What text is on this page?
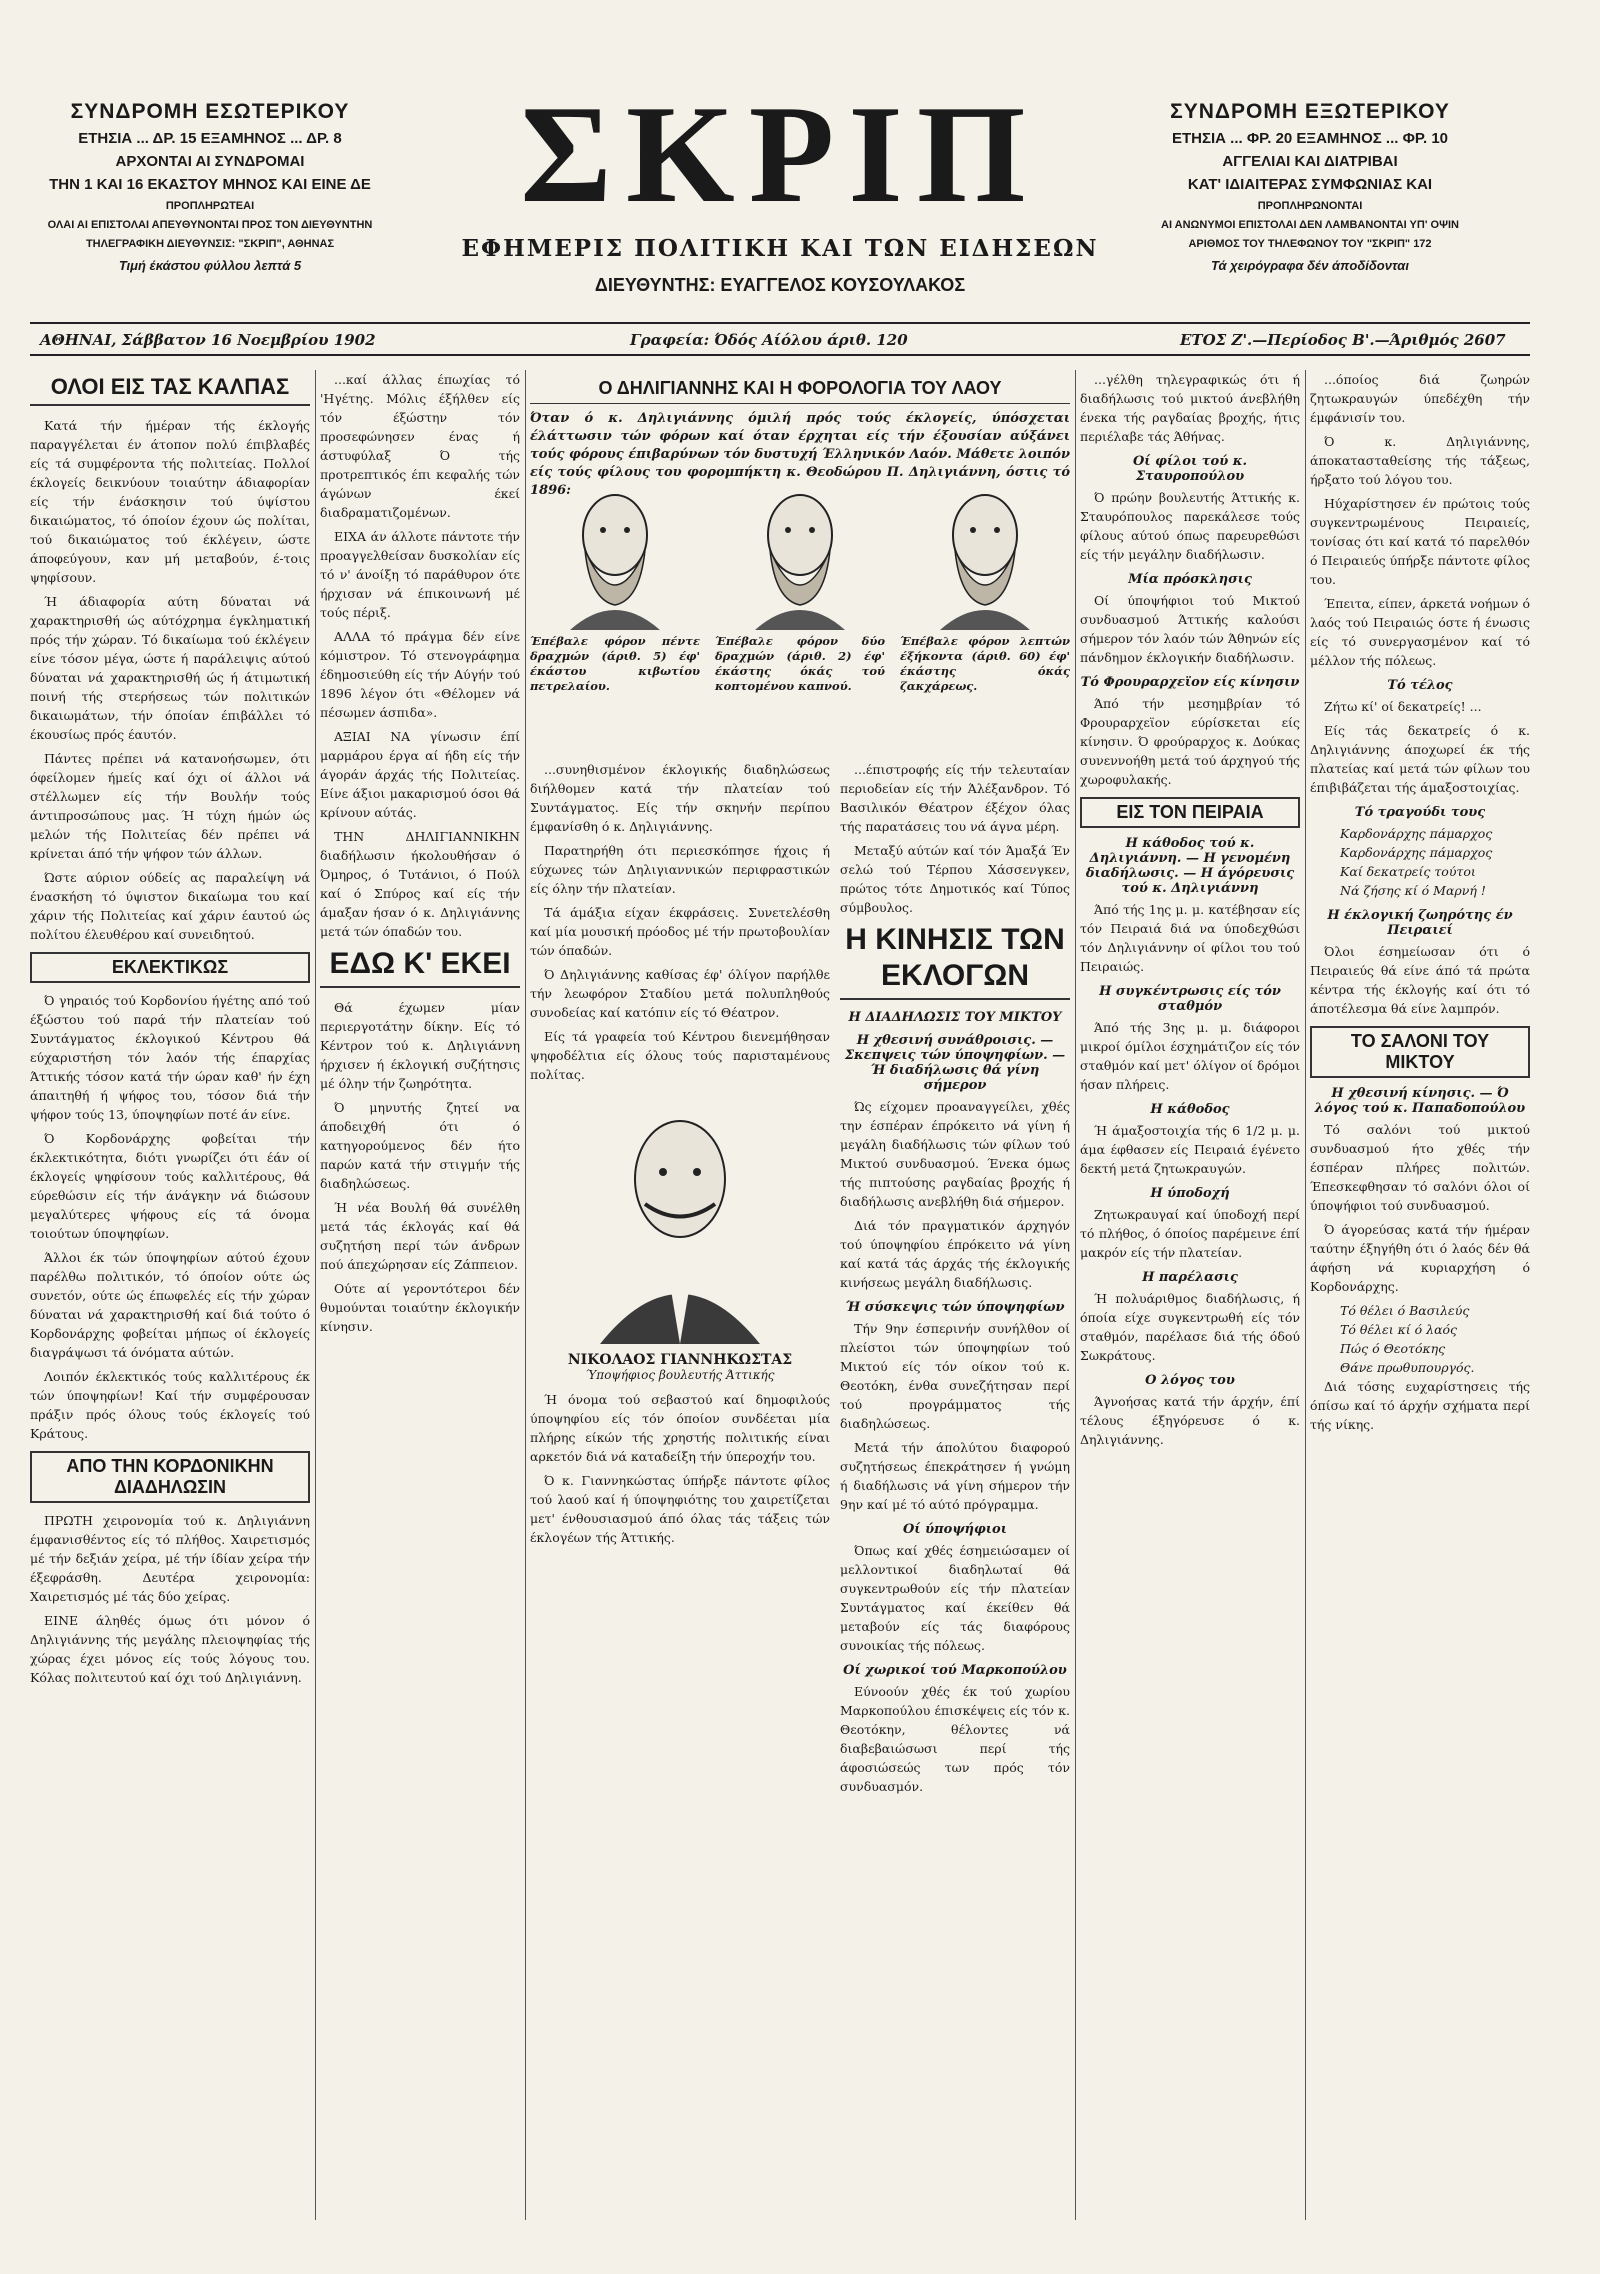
ΣΥΝΔΡΟΜΗ ΕΣΩΤΕΡΙΚΟΥ
ΕΤΗΣΙΑ ... ΔΡ. 15 ΕΞΑΜΗΝΟΣ ... ΔΡ. 8
ΑΡΧΟΝΤΑΙ ΑΙ ΣΥΝΔΡΟΜΑΙ
ΤΗΝ 1 ΚΑΙ 16 ΕΚΑΣΤΟΥ ΜΗΝΟΣ ΚΑΙ ΕΙΝΕ ΔΕ
ΠΡΟΠΛΗΡΩΤΕΑΙ
ΟΛΑΙ ΑΙ ΕΠΙΣΤΟΛΑΙ ΑΠΕΥΘΥΝΟΝΤΑΙ ΠΡΟΣ ΤΟΝ ΔΙΕΥΘΥΝΤΗΝ
ΤΗΛΕΓΡΑΦΙΚΗ ΔΙΕΥΘΥΝΣΙΣ: "ΣΚΡΙΠ", ΑΘΗΝΑΣ
Τιμή έκάστου φύλλου λεπτά 5
ΣΚΡΙΠ
ΕΦΗΜΕΡΙΣ ΠΟΛΙΤΙΚΗ ΚΑΙ ΤΩΝ ΕΙΔΗΣΕΩΝ
ΔΙΕΥΘΥΝΤΗΣ: ΕΥΑΓΓΕΛΟΣ ΚΟΥΣΟΥΛΑΚΟΣ
ΣΥΝΔΡΟΜΗ ΕΞΩΤΕΡΙΚΟΥ
ΕΤΗΣΙΑ ... ΦΡ. 20 ΕΞΑΜΗΝΟΣ ... ΦΡ. 10
ΑΓΓΕΛΙΑΙ ΚΑΙ ΔΙΑΤΡΙΒΑΙ
ΚΑΤ' ΙΔΙΑΙΤΕΡΑΣ ΣΥΜΦΩΝΙΑΣ ΚΑΙ
ΠΡΟΠΛΗΡΩΝΟΝΤΑΙ
ΑΙ ΑΝΩΝΥΜΟΙ ΕΠΙΣΤΟΛΑΙ ΔΕΝ ΛΑΜΒΑΝΟΝΤΑΙ ΥΠ' ΟΨΙΝ
ΑΡΙΘΜΟΣ ΤΟΥ ΤΗΛΕΦΩΝΟΥ ΤΟΥ "ΣΚΡΙΠ" 172
Τά χειρόγραφα δέν άποδίδονται
ΑΘΗΝΑΙ, Σάββατον 16 Νοεμβρίου 1902	Γραφεία: Όδός Αίόλου άριθ. 120	ΕΤΟΣ Ζ'.—Περίοδος Β'.—Άριθμός 2607
ΟΛΟΙ ΕΙΣ ΤΑΣ ΚΑΛΠΑΣ

Κατά τήν ήμέραν τής έκλογής παραγγέλεται έν άτοπον πολύ έπιβλαβές είς τά συμφέροντα τής πολιτείας. Πολλοί έκλογείς δεικνύουν τοιαύτην άδιαφορίαν είς τήν ένάσκησιν τού ύψίστου δικαιώματος, τό όποίον έχουν ώς πολίται, τού δικαιώματος τού έκλέγειν, ώστε άποφεύγουν, καν μή μεταβούν, έ-τοις ψηφίσουν.

Ή άδιαφορία αύτη δύναται νά χαρακτηρισθή ώς αύτόχρημα έγκληματική πρός τήν χώραν. Τό δικαίωμα τού έκλέγειν είνε τόσον μέγα, ώστε ή παράλειψις αύτού δύναται νά χαρακτηρισθή ώς ή άτιμωτική ποινή τής στερήσεως τών πολιτικών δικαιωμάτων, τήν όποίαν έπιβάλλει τό έκουσίως πρός έαυτόν.

Πάντες πρέπει νά κατανοήσωμεν, ότι όφείλομεν ήμείς καί όχι οί άλλοι νά στέλλωμεν είς τήν Βουλήν τούς άντιπροσώπους μας. Ή τύχη ήμών ώς μελών τής Πολιτείας δέν πρέπει νά κρίνεται άπό τήν ψήφον τών άλλων.

Ώστε αύριον ούδείς ας παραλείψη νά ένασκήση τό ύψιστον δικαίωμα του καί χάριν τής Πολιτείας καί χάριν έαυτού ώς πολίτου έλευθέρου καί συνειδητού.

ΕΚΛΕΚΤΙΚΩΣ

Ό γηραιός τού Κορδονίου ήγέτης από τού έξώστου τού παρά τήν πλατείαν τού Συντάγματος έκλογικού Κέντρου θά εύχαριστήση τόν λαόν τής έπαρχίας Άττικής τόσον κατά τήν ώραν καθ' ήν έχη άπαιτηθή ή ψήφος του, τόσον διά τήν ψήφον τούς 13, ύποψηφίων ποτέ άν είνε.

Ό Κορδονάρχης φοβείται τήν έκλεκτικότητα, διότι γνωρίζει ότι έάν οί έκλογείς ψηφίσουν τούς καλλιτέρους, θά εύρεθώσιν είς τήν άνάγκην νά διώσουν μεγαλύτερες ψήφους είς τά όνομα τοιούτων ύποψηφίων.

Άλλοι έκ τών ύποψηφίων αύτού έχουν παρέλθω πολιτικόν, τό όποίον ούτε ώς συνετόν, ούτε ώς έπωφελές είς τήν χώραν δύναται νά χαρακτηρισθή καί διά τούτο ό Κορδονάρχης φοβείται μήπως οί έκλογείς διαγράψωσι τά όνόματα αύτών.

Λοιπόν έκλεκτικός τούς καλλιτέρους έκ τών ύποψηφίων! Καί τήν συμφέρουσαν πράξιν πρός όλους τούς έκλογείς τού Κράτους.

ΑΠΟ ΤΗΝ ΚΟΡΔΟΝΙΚΗΝ ΔΙΑΔΗΛΩΣΙΝ

ΠΡΩΤΗ χειρονομία τού κ. Δηλιγιάννη έμφανισθέντος είς τό πλήθος. Χαιρετισμός μέ τήν δεξιάν χείρα, μέ τήν ίδίαν χείρα τήν έξεφράσθη. Δευτέρα χειρονομία: Χαιρετισμός μέ τάς δύο χείρας.

ΕΙΝΕ άληθές όμως ότι μόνον ό Δηλιγιάννης τής μεγάλης πλειοψηφίας τής χώρας έχει μόνος είς τούς λόγους του. Κόλας πολιτευτού καί όχι τού Δηλιγιάννη.

...καί άλλας έπωχίας τό 'Ηγέτης. Μόλις έξήλθεν είς τόν έξώστην τόν προσεφώνησεν ένας ή άστυφύλαξ Ό τής προτρεπτικός έπι κεφαλής τών άγώνων έκεί διαδραματιζομένων.

ΕΙΧΑ άν άλλοτε πάντοτε τήν προαγγελθείσαν δυσκολίαν είς τό ν' άνοίξη τό παράθυρον ότε ήρχισαν νά έπικοινωνή μέ τούς πέριξ.

ΑΛΛΑ τό πράγμα δέν είνε κόμιστρον. Τό στενογράφημα έδημοσιεύθη είς τήν Αύγήν τού 1896 λέγον ότι «Θέλομεν νά πέσωμεν άσπιδα».

ΑΞΙΑΙ ΝΑ γίνωσιν έπί μαρμάρου έργα αί ήδη είς τήν άγοράν άρχάς τής Πολιτείας. Είνε άξιοι μακαρισμού όσοι θά κρίνουν αύτάς.

ΤΗΝ ΔΗΛΙΓΙΑΝΝΙΚΗΝ διαδήλωσιν ήκολουθήσαν ό Όμηρος, ό Τυτάνιοι, ό Πούλ καί ό Σπύρος καί είς τήν άμαξαν ήσαν ό κ. Δηλιγιάννης μετά τών όπαδών του.

ΕΔΩ Κ' ΕΚΕΙ

Θά έχωμεν μίαν περιεργοτάτην δίκην. Είς τό Κέντρον τού κ. Δηλιγιάννη ήρχισεν ή έκλογική συζήτησις μέ όλην τήν ζωηρότητα.

Ό μηνυτής ζητεί να άποδειχθή ότι ό κατηγορούμενος δέν ήτο παρών κατά τήν στιγμήν τής διαδηλώσεως.

Ή νέα Βουλή θά συνέλθη μετά τάς έκλογάς καί θά συζητήση περί τών άνδρων πού άπεχώρησαν είς Ζάππειον.

Ούτε αί γεροντότεροι δέν θυμούνται τοιαύτην έκλογικήν κίνησιν.

Ο ΔΗΛΙΓΙΑΝΝΗΣ ΚΑΙ Η ΦΟΡΟΛΟΓΙΑ ΤΟΥ ΛΑΟΥ
Όταν ό κ. Δηλιγιάννης όμιλή πρός τούς έκλογείς, ύπόσχεται έλάττωσιν τών φόρων καί όταν έρχηται είς τήν έξουσίαν αύξάνει τούς φόρους έπιβαρύνων τόν δυστυχή Έλληνικόν Λαόν. Μάθετε λοιπόν είς τούς φίλους του φορομπήκτη κ. Θεοδώρου Π. Δηλιγιάννη, όστις τό 1896:
Έπέβαλε φόρον πέντε δραχμών (άριθ. 5) έφ' έκάστου κιβωτίου πετρελαίου.
Έπέβαλε φόρον δύο δραχμών (άριθ. 2) έφ' έκάστης όκάς τού κοπτομένου καπνού.
Έπέβαλε φόρον λεπτών έξήκοντα (άριθ. 60) έφ' έκάστης όκάς ζακχάρεως.

...συνηθισμένον έκλογικής διαδηλώσεως διήλθομεν κατά τήν πλατείαν τού Συντάγματος. Είς τήν σκηνήν περίπου έμφανίσθη ό κ. Δηλιγιάννης.

Παρατηρήθη ότι περιεσκόπησε ήχοις ή εύχωνες τών Δηλιγιαννικών περιφραστικών είς όλην τήν πλατείαν.

Τά άμάξια είχαν έκφράσεις. Συνετελέσθη καί μία μουσική πρόοδος μέ τήν πρωτοβουλίαν τών όπαδών.

Ό Δηλιγιάννης καθίσας έφ' όλίγον παρήλθε τήν λεωφόρον Σταδίου μετά πολυπληθούς συνοδείας καί κατόπιν είς τό Θέατρον.

Είς τά γραφεία τού Κέντρου διενεμήθησαν ψηφοδέλτια είς όλους τούς παρισταμένους πολίτας.

ΝΙΚΟΛΑΟΣ ΓΙΑΝΝΗΚΩΣΤΑΣ
Ύποψήφιος βουλευτής Άττικής

Ή όνομα τού σεβαστού καί δημοφιλούς ύποψηφίου είς τόν όποίον συνδέεται μία πλήρης είκών τής χρηστής πολιτικής είναι αρκετόν διά νά καταδείξη τήν ύπεροχήν του.

Ό κ. Γιαννηκώστας ύπήρξε πάντοτε φίλος τού λαού καί ή ύποψηφιότης του χαιρετίζεται μετ' ένθουσιασμού άπό όλας τάς τάξεις τών έκλογέων τής Άττικής.

...έπιστροφής είς τήν τελευταίαν περιοδείαν είς τήν Άλέξανδρον. Τό Βασιλικόν Θέατρον έξέχον όλας τής παρατάσεις του νά άγνα μέρη.

Μεταξύ αύτών καί τόν Άμαξά Έν σελώ τού Τέρπου Χάσσενγκεν, πρώτος τότε Δημοτικός καί Τύπος σύμβουλος.

Η ΚΙΝΗΣΙΣ ΤΩΝ ΕΚΛΟΓΩΝ
Η ΔΙΑΔΗΛΩΣΙΣ ΤΟΥ ΜΙΚΤΟΥ
Η χθεσινή συνάθροισις. — Σκεπψεις τών ύποψηφίων. — Ή διαδήλωσις θά γίνη σήμερον

Ώς είχομεν προαναγγείλει, χθές την έσπέραν έπρόκειτο νά γίνη ή μεγάλη διαδήλωσις τών φίλων τού Μικτού συνδυασμού. Ένεκα όμως τής πιπτούσης ραγδαίας βροχής ή διαδήλωσις ανεβλήθη διά σήμερον.

Διά τόν πραγματικόν άρχηγόν τού ύποψηφίου έπρόκειτο νά γίνη καί κατά τάς άρχάς τής έκλογικής κινήσεως μεγάλη διαδήλωσις.

Ή σύσκεψις τών ύποψηφίων

Τήν 9ην έσπερινήν συνήλθον οί πλείστοι τών ύποψηφίων τού Μικτού είς τόν οίκον τού κ. Θεοτόκη, ένθα συνεζήτησαν περί τού προγράμματος τής διαδηλώσεως.

Μετά τήν άπολύτου διαφορού συζητήσεως έπεκράτησεν ή γνώμη ή διαδήλωσις νά γίνη σήμερον τήν 9ην καί μέ τό αύτό πρόγραμμα.

Οί ύποψήφιοι

Όπως καί χθές έσημειώσαμεν οί μελλοντικοί διαδηλωταί θά συγκεντρωθούν είς τήν πλατείαν Συντάγματος καί έκείθεν θά μεταβούν είς τάς διαφόρους συνοικίας τής πόλεως.

Οί χωρικοί τού Μαρκοπούλου

Εύνοούν χθές έκ τού χωρίου Μαρκοπούλου έπισκέψεις είς τόν κ. Θεοτόκην, θέλοντες νά διαβεβαιώσωσι περί τής άφοσιώσεώς των πρός τόν συνδυασμόν.

...γέλθη τηλεγραφικώς ότι ή διαδήλωσις τού μικτού άνεβλήθη ένεκα τής ραγδαίας βροχής, ήτις περιέλαβε τάς Άθήνας.

Οί φίλοι τού κ. Σταυροπούλου

Ό πρώην βουλευτής Άττικής κ. Σταυρόπουλος παρεκάλεσε τούς φίλους αύτού όπως παρευρεθώσι είς τήν μεγάλην διαδήλωσιν.

Μία πρόσκλησις

Οί ύποψήφιοι τού Μικτού συνδυασμού Άττικής καλούσι σήμερον τόν λαόν τών Άθηνών είς πάνδημον έκλογικήν διαδήλωσιν.

Τό Φρουραρχεϊον είς κίνησιν

Άπό τήν μεσημβρίαν τό Φρουραρχεϊον εύρίσκεται είς κίνησιν. Ό φρούραρχος κ. Δούκας συνεννοήθη μετά τού άρχηγού τής χωροφυλακής.

ΕΙΣ ΤΟΝ ΠΕΙΡΑΙΑ
Η κάθοδος τού κ. Δηλιγιάννη. — Η γενομένη διαδήλωσις. — Η άγόρευσις τού κ. Δηλιγιάννη

Άπό τής 1ης μ. μ. κατέβησαν είς τόν Πειραιά διά να ύποδεχθώσι τόν Δηλιγιάννην οί φίλοι του τού Πειραιώς.

Η συγκέντρωσις είς τόν σταθμόν

Άπό τής 3ης μ. μ. διάφοροι μικροί όμίλοι έσχημάτιζον είς τόν σταθμόν καί μετ' όλίγον οί δρόμοι ήσαν πλήρεις.

Η κάθοδος

Ή άμαξοστοιχία τής 6 1/2 μ. μ. άμα έφθασεν είς Πειραιά έγένετο δεκτή μετά ζητωκραυγών.

Η ύποδοχή

Ζητωκραυγαί καί ύποδοχή περί τό πλήθος, ό όποίος παρέμεινε έπί μακρόν είς τήν πλατείαν.

Η παρέλασις

Ή πολυάριθμος διαδήλωσις, ή όποία είχε συγκεντρωθή είς τόν σταθμόν, παρέλασε διά τής όδού Σωκράτους.

Ο λόγος του

Άγνοήσας κατά τήν άρχήν, έπί τέλους έξηγόρευσε ό κ. Δηλιγιάννης.

...όποίος διά ζωηρών ζητωκραυγών ύπεδέχθη τήν έμφάνισίν του.

Ό κ. Δηλιγιάννης, άποκατασταθείσης τής τάξεως, ήρξατο τού λόγου του.

Ηύχαρίστησεν έν πρώτοις τούς συγκεντρωμένους Πειραιείς, τονίσας ότι καί κατά τό παρελθόν ό Πειραιεύς ύπήρξε πάντοτε φίλος του.

Έπειτα, είπεν, άρκετά νοήμων ό λαός τού Πειραιώς όστε ή ένωσις είς τό συνεργασμένον καί τό μέλλον τής πόλεως.

Τό τέλος

Ζήτω κί' οί δεκατρείς! ...

Είς τάς δεκατρείς ό κ. Δηλιγιάννης άποχωρεί έκ τής πλατείας καί μετά τών φίλων του έπιβιβάζεται τής άμαξοστοιχίας.

Τό τραγούδι τους
Καρδονάρχης πάμαρχος
Καρδονάρχης πάμαρχος
Καί δεκατρείς τούτοι
Νά ζήσης κί ό Μαρνή !
Η έκλογική ζωηρότης έν Πειραιεί

Όλοι έσημείωσαν ότι ό Πειραιεύς θά είνε άπό τά πρώτα κέντρα τής έκλογής καί ότι τό άποτέλεσμα θά είνε λαμπρόν.

ΤΟ ΣΑΛΟΝΙ ΤΟΥ ΜΙΚΤΟΥ
Η χθεσινή κίνησις. — Ό λόγος τού κ. Παπαδοπούλου

Τό σαλόνι τού μικτού συνδυασμού ήτο χθές τήν έσπέραν πλήρες πολιτών. Έπεσκεφθησαν τό σαλόνι όλοι οί ύποψήφιοι τού συνδυασμού.

Ό άγορεύσας κατά τήν ήμέραν ταύτην έξηγήθη ότι ό λαός δέν θά άφήση νά κυριαρχήση ό Κορδονάρχης.

Τό θέλει ό Βασιλεύς
Τό θέλει κί ό λαός
Πώς ό Θεοτόκης
Θάνε πρωθυπουργός.

Διά τόσης ευχαρίστησεις τής όπίσω καί τό άρχήν σχήματα περί τής νίκης.
